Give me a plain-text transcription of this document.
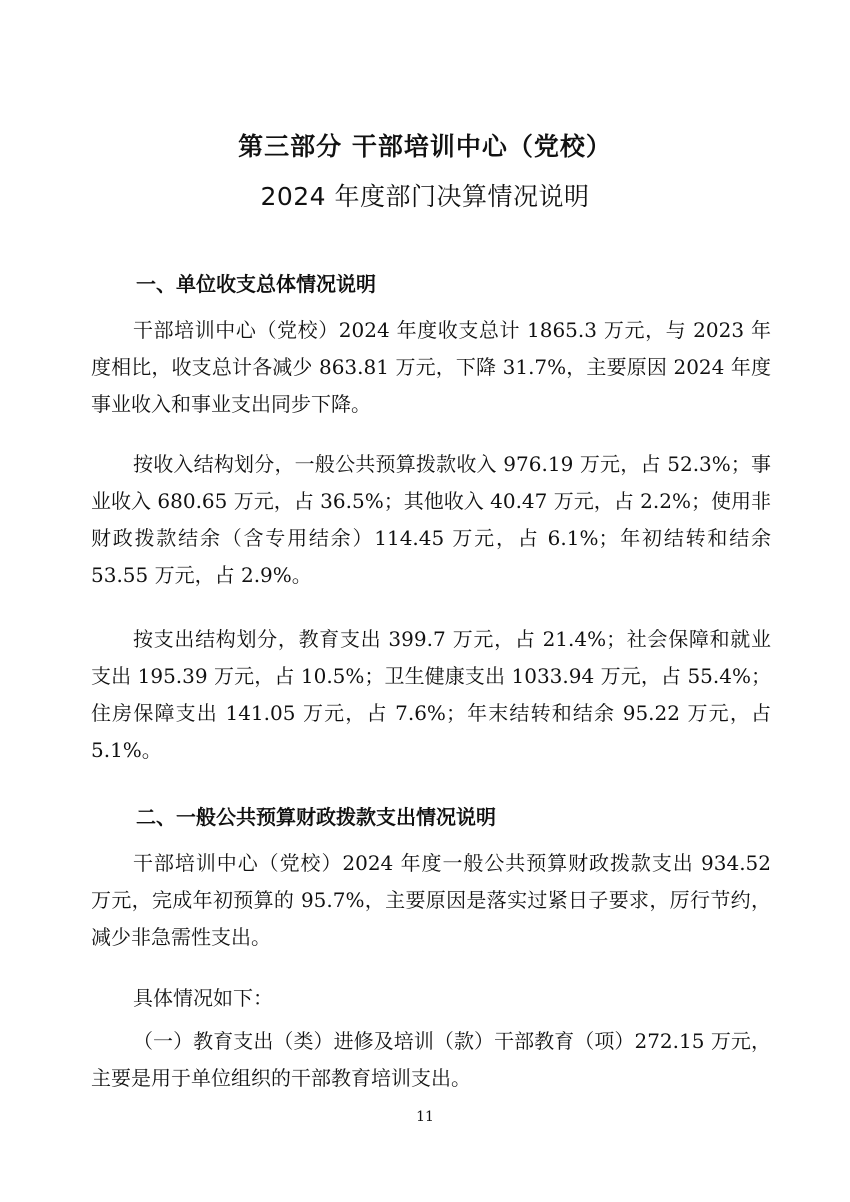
第三部分 干部培训中心（党校）
2024 年度部门决算情况说明
一、单位收支总体情况说明

干部培训中心（党校）2024 年度收支总计 1865.3 万元，与 2023 年度相比，收支总计各减少 863.81 万元，下降 31.7%，主要原因 2024 年度事业收入和事业支出同步下降。

按收入结构划分，一般公共预算拨款收入 976.19 万元，占 52.3%；事业收入 680.65 万元，占 36.5%；其他收入 40.47 万元，占 2.2%；使用非财政拨款结余（含专用结余）114.45 万元，占 6.1%；年初结转和结余 53.55 万元，占 2.9%。

按支出结构划分，教育支出 399.7 万元，占 21.4%；社会保障和就业支出 195.39 万元，占 10.5%；卫生健康支出 1033.94 万元，占 55.4%；住房保障支出 141.05 万元，占 7.6%；年末结转和结余 95.22 万元，占 5.1%。

二、一般公共预算财政拨款支出情况说明

干部培训中心（党校）2024 年度一般公共预算财政拨款支出 934.52 万元，完成年初预算的 95.7%，主要原因是落实过紧日子要求，厉行节约，减少非急需性支出。

具体情况如下：

（一）教育支出（类）进修及培训（款）干部教育（项）272.15 万元，主要是用于单位组织的干部教育培训支出。

11
